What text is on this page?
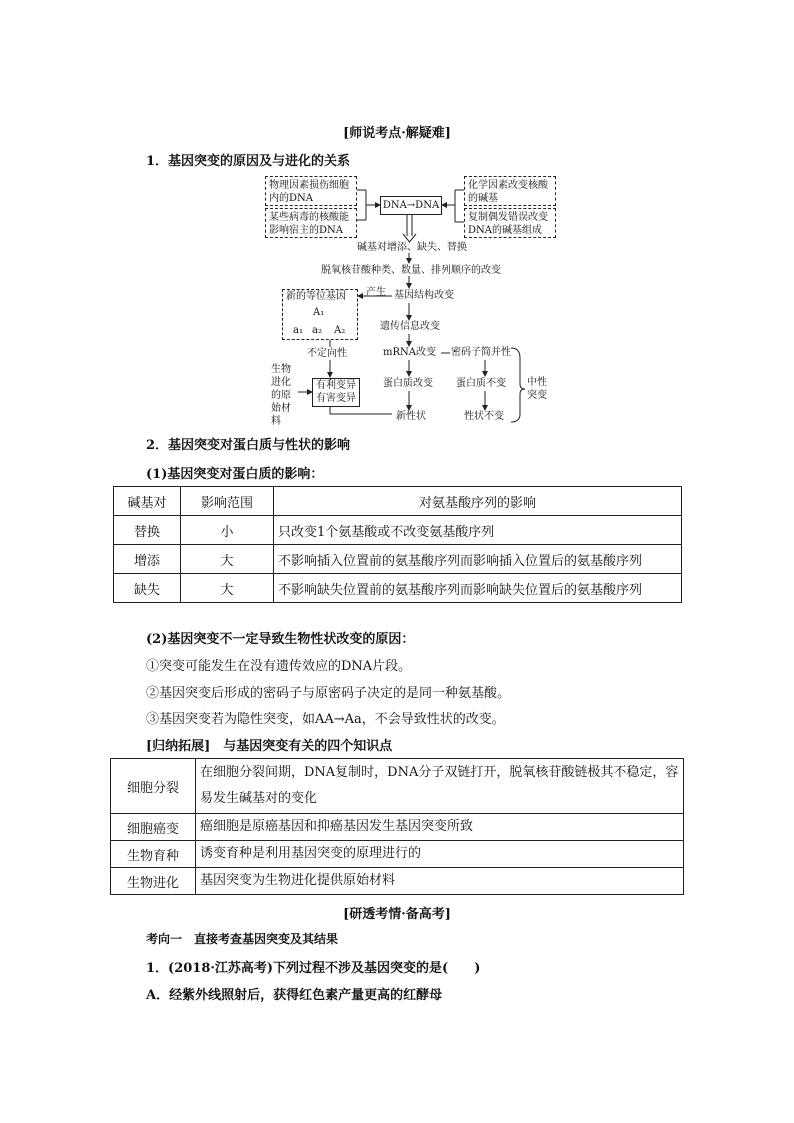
[师说考点·解疑难]
1．基因突变的原因及与进化的关系
物理因素损伤细胞内的DNA
某些病毒的核酸能影响宿主的DNA
DNA→DNA
化学因素改变核酸的碱基
复制偶发错误改变DNA的碱基组成
碱基对增添、缺失、替换
脱氧核苷酸种类、数量、排列顺序的改变
新的等位基因
A₁
a₁ a₂ A₂
产生 基因结构改变
遗传信息改变
不定向性	mRNA改变 密码子简并性
生物进化的原始材料
有利变异
有害变异
蛋白质改变 蛋白质不变 中性突变
新性状	性状不变
2．基因突变对蛋白质与性状的影响
(1)基因突变对蛋白质的影响：
碱基对	影响范围	对氨基酸序列的影响
替换	小	只改变1个氨基酸或不改变氨基酸序列
增添	大	不影响插入位置前的氨基酸序列而影响插入位置后的氨基酸序列
缺失	大	不影响缺失位置前的氨基酸序列而影响缺失位置后的氨基酸序列
(2)基因突变不一定导致生物性状改变的原因：
①突变可能发生在没有遗传效应的DNA片段。
②基因突变后形成的密码子与原密码子决定的是同一种氨基酸。
③基因突变若为隐性突变，如AA→Aa，不会导致性状的改变。
[归纳拓展]　与基因突变有关的四个知识点
细胞分裂	在细胞分裂间期，DNA复制时，DNA分子双链打开，脱氧核苷酸链极其不稳定，容易发生碱基对的变化
细胞癌变	癌细胞是原癌基因和抑癌基因发生基因突变所致
生物育种	诱变育种是利用基因突变的原理进行的
生物进化	基因突变为生物进化提供原始材料
[研透考情·备高考]
考向一　直接考查基因突变及其结果
1．(2018·江苏高考)下列过程不涉及基因突变的是(　　)
A．经紫外线照射后，获得红色素产量更高的红酵母
